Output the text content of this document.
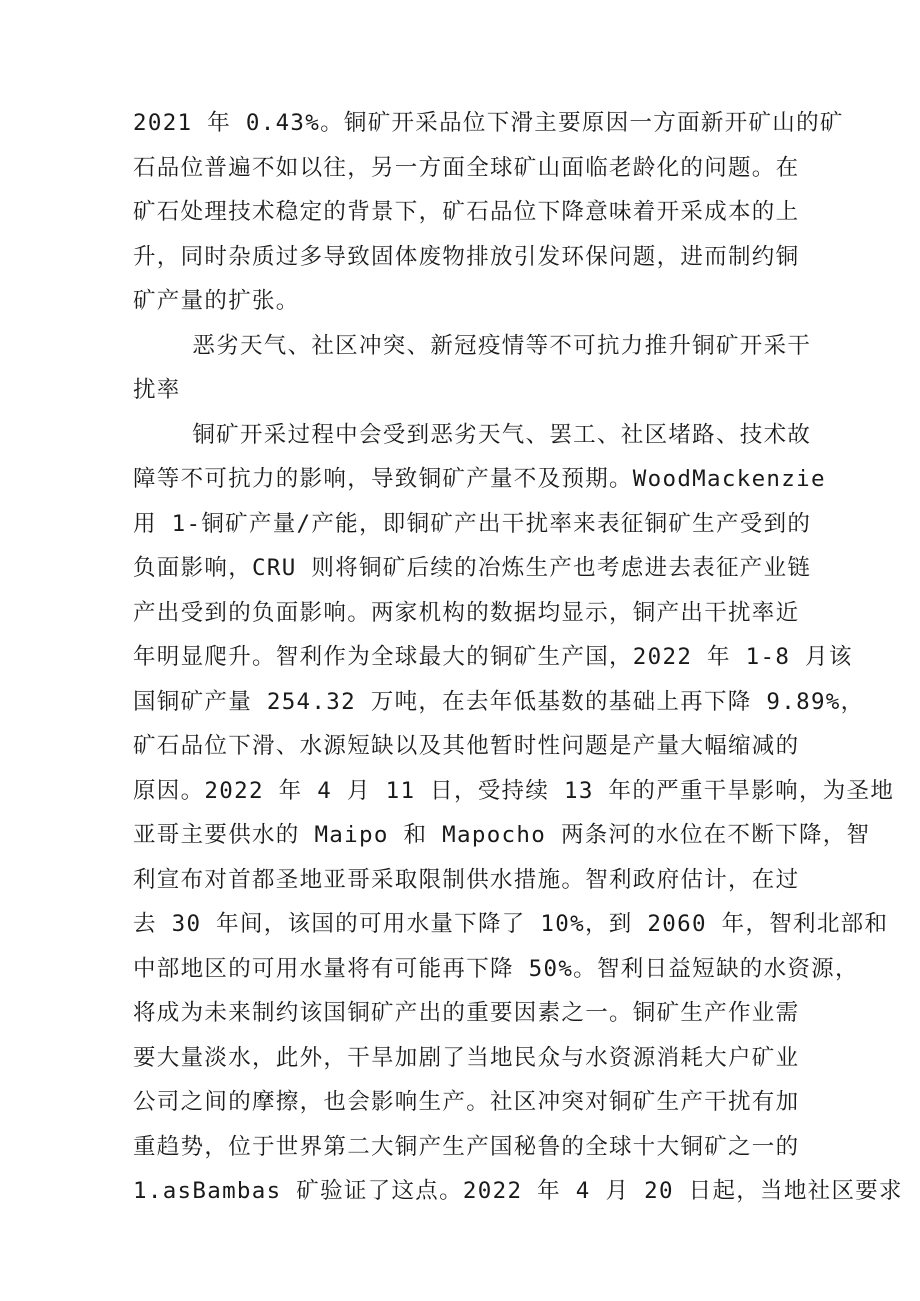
2021 年 0.43%。铜矿开采品位下滑主要原因一方面新开矿山的矿
石品位普遍不如以往，另一方面全球矿山面临老龄化的问题。在
矿石处理技术稳定的背景下，矿石品位下降意味着开采成本的上
升，同时杂质过多导致固体废物排放引发环保问题，进而制约铜
矿产量的扩张。
恶劣天气、社区冲突、新冠疫情等不可抗力推升铜矿开采干
扰率
铜矿开采过程中会受到恶劣天气、罢工、社区堵路、技术故
障等不可抗力的影响，导致铜矿产量不及预期。WoodMackenzie
用 1-铜矿产量/产能，即铜矿产出干扰率来表征铜矿生产受到的
负面影响，CRU 则将铜矿后续的冶炼生产也考虑进去表征产业链
产出受到的负面影响。两家机构的数据均显示，铜产出干扰率近
年明显爬升。智利作为全球最大的铜矿生产国，2022 年 1-8 月该
国铜矿产量 254.32 万吨，在去年低基数的基础上再下降 9.89%，
矿石品位下滑、水源短缺以及其他暂时性问题是产量大幅缩减的
原因。2022 年 4 月 11 日，受持续 13 年的严重干旱影响，为圣地
亚哥主要供水的 Maipo 和 Mapocho 两条河的水位在不断下降，智
利宣布对首都圣地亚哥采取限制供水措施。智利政府估计，在过
去 30 年间，该国的可用水量下降了 10%，到 2060 年，智利北部和
中部地区的可用水量将有可能再下降 50%。智利日益短缺的水资源，
将成为未来制约该国铜矿产出的重要因素之一。铜矿生产作业需
要大量淡水，此外，干旱加剧了当地民众与水资源消耗大户矿业
公司之间的摩擦，也会影响生产。社区冲突对铜矿生产干扰有加
重趋势，位于世界第二大铜产生产国秘鲁的全球十大铜矿之一的
1.asBambas 矿验证了这点。2022 年 4 月 20 日起，当地社区要求
